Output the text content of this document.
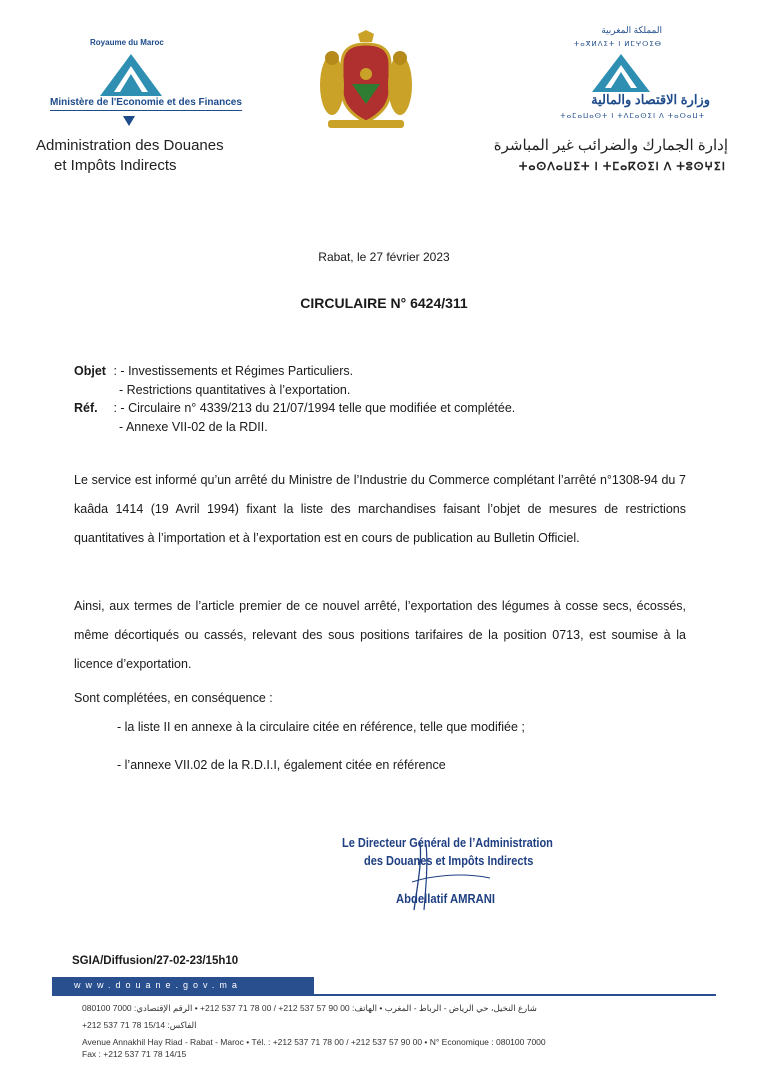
Royaume du Maroc
Ministère de l'Economie et des Finances
Administration des Douanes
et Impôts Indirects
المملكة المغربية
ⵜⴰⴳⵍⴷⵉⵜ ⵏ ⵍⵎⵖⵔⵉⴱ
وزارة الاقتصاد والمالية
ⵜⴰⵎⴰⵡⴰⵙⵜ ⵏ ⵜⴷⵎⴰⵙⵉⵏ ⴷ ⵜⴰⵔⴰⵡⵜ
إدارة الجمارك والضرائب غير المباشرة
ⵜⴰⵙⴷⴰⵡⵉⵜ ⵏ ⵜⵎⴰⴽⵙⵉⵏ ⴷ ⵜⵓⵙⵖⵉⵏ
Rabat, le 27 février 2023
CIRCULAIRE N° 6424/311
Objet : - Investissements et Régimes Particuliers.
- Restrictions quantitatives à l’exportation.
Réf. : - Circulaire n° 4339/213 du 21/07/1994 telle que modifiée et complétée.
- Annexe VII-02 de la RDII.
Le service est informé qu’un arrêté du Ministre de l’Industrie du Commerce complétant l’arrêté n°1308-94 du 7 kaâda 1414 (19 Avril 1994) fixant la liste des marchandises faisant l’objet de mesures de restrictions quantitatives à l’importation et à l’exportation est en cours de publication au Bulletin Officiel.
Ainsi, aux termes de l’article premier de ce nouvel arrêté, l’exportation des légumes à cosse secs, écossés, même décortiqués ou cassés, relevant des sous positions tarifaires de la position 0713, est soumise à la licence d’exportation.
Sont complétées, en conséquence :
- la liste II en annexe à la circulaire citée en référence, telle que modifiée ;
- l’annexe VII.02 de la R.D.I.I, également citée en référence
Le Directeur Général de l’Administration
des Douanes et Impôts Indirects
Abdellatif AMRANI
SGIA/Diffusion/27-02-23/15h10
www.douane.gov.ma
شارع النخيل، حي الرياض - الرباط - المغرب • الهاتف: 00 90 57 537 212+ / 00 78 71 537 212+ • الرقم الإقتصادي: 7000 080100
الفاكس: 15/14 78 71 537 212+
Avenue Annakhil Hay Riad - Rabat - Maroc • Tél. : +212 537 71 78 00 / +212 537 57 90 00 • N° Economique : 080100 7000
Fax : +212 537 71 78 14/15
